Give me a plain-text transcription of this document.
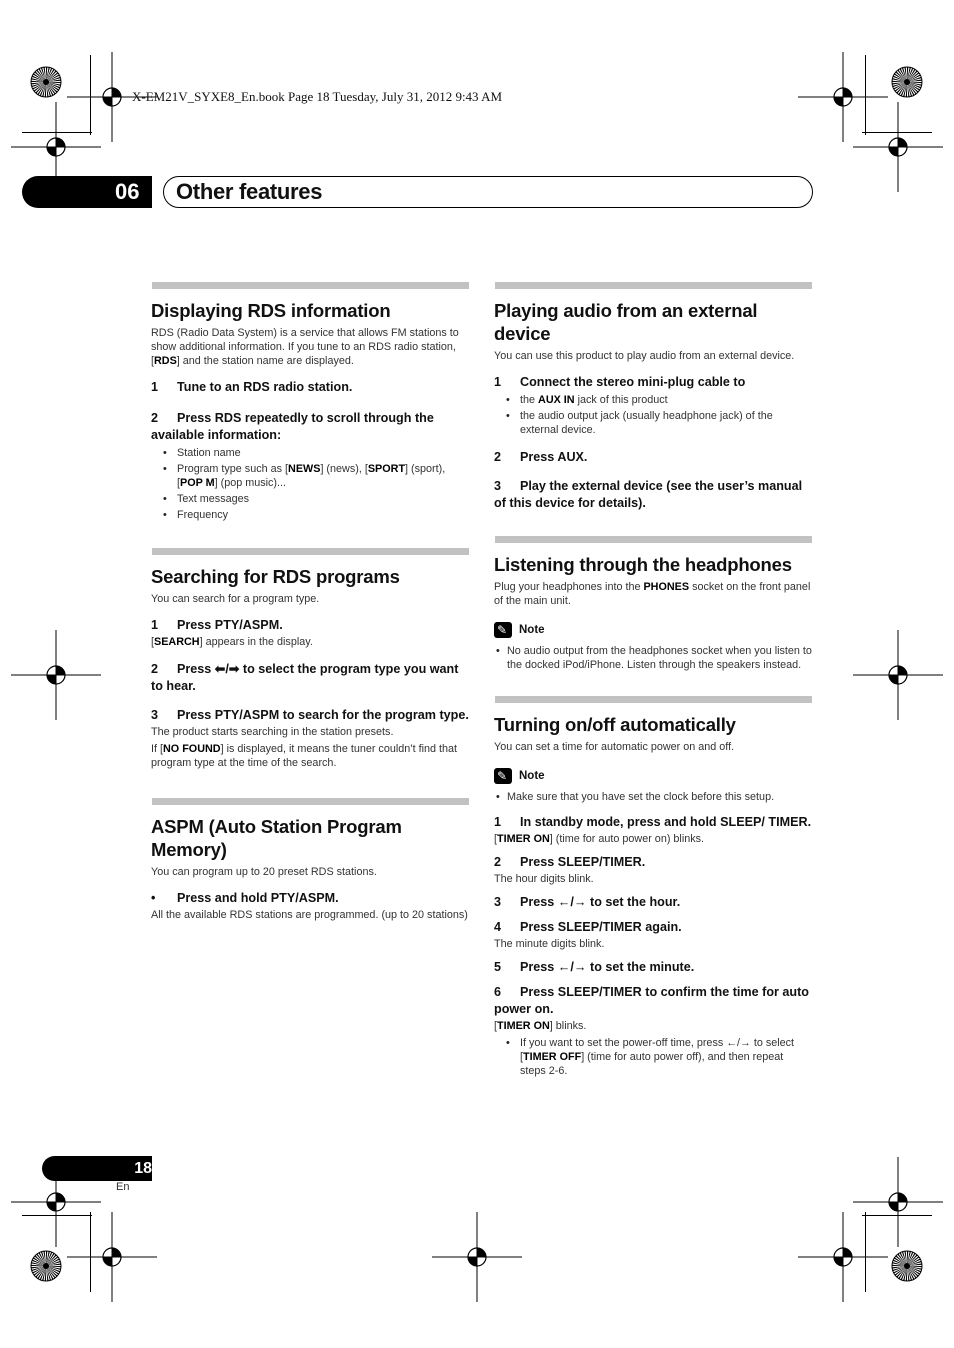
X-EM21V_SYXE8_En.book Page 18 Tuesday, July 31, 2012 9:43 AM
06	Other features
Displaying RDS information

RDS (Radio Data System) is a service that allows FM stations to show additional information. If you tune to an RDS radio station, [RDS] and the station name are displayed.

1 Tune to an RDS radio station.
2 Press RDS repeatedly to scroll through the available information:
• Station name
• Program type such as [NEWS] (news), [SPORT] (sport), [POP M] (pop music)...
• Text messages
• Frequency
Searching for RDS programs

You can search for a program type.

1 Press PTY/ASPM.

[SEARCH] appears in the display.

2 Press ⬅/➡ to select the program type you want to hear.
3 Press PTY/ASPM to search for the program type.

The product starts searching in the station presets.

If [NO FOUND] is displayed, it means the tuner couldn’t find that program type at the time of the search.

ASPM (Auto Station Program Memory)

You can program up to 20 preset RDS stations.

• Press and hold PTY/ASPM.

All the available RDS stations are programmed. (up to 20 stations)

Playing audio from an external device

You can use this product to play audio from an external device.

1 Connect the stereo mini-plug cable to
• the AUX IN jack of this product
• the audio output jack (usually headphone jack) of the external device.
2 Press AUX.
3 Play the external device (see the user’s manual of this device for details).
Listening through the headphones

Plug your headphones into the PHONES socket on the front panel of the main unit.

✎
Note
• No audio output from the headphones socket when you listen to the docked iPod/iPhone. Listen through the speakers instead.
Turning on/off automatically

You can set a time for automatic power on and off.

✎
Note
• Make sure that you have set the clock before this setup.
1 In standby mode, press and hold SLEEP/ TIMER.

[TIMER ON] (time for auto power on) blinks.

2 Press SLEEP/TIMER.

The hour digits blink.

3 Press ←/→ to set the hour.
4 Press SLEEP/TIMER again.

The minute digits blink.

5 Press ←/→ to set the minute.
6 Press SLEEP/TIMER to confirm the time for auto power on.

[TIMER ON] blinks.

• If you want to set the power-off time, press ←/→ to select [TIMER OFF] (time for auto power off), and then repeat steps 2-6.
18
En
